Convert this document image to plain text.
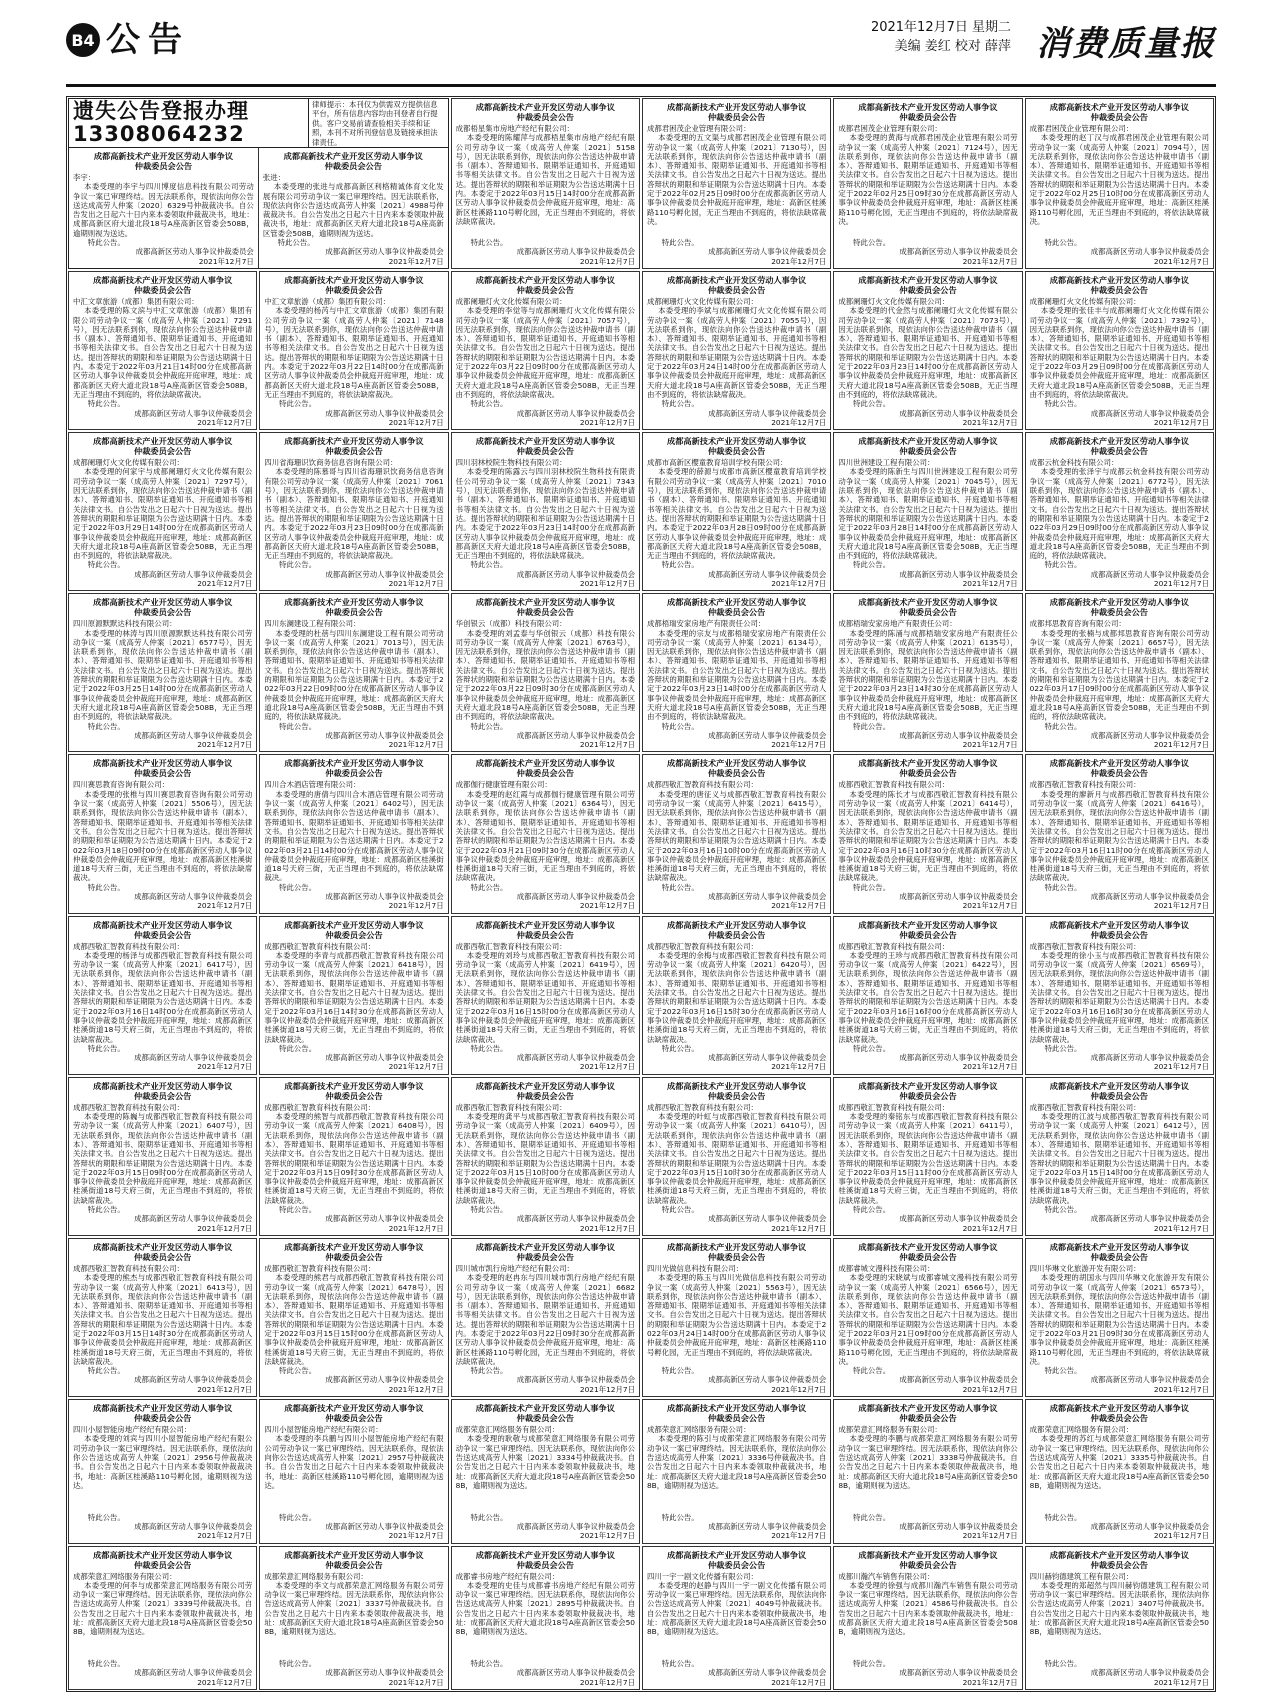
B4 公告	2021年12月7日 星期二
美编 姜红 校对 薛萍 消费质量报
遗失公告登报办理
13308064232
律师提示：本刊仅为供需双方提供信息平台，所有信息内容均由刊登者自行提供。客户交易前请查验相关手续和证照，本刊不对所刊登信息及链接承担法律责任。
成都高新技术产业开发区劳动人事争议
仲裁委员会公告
李宇：
本委受理的李宇与四川博度信息科技有限公司劳动争议一案已审理终结。因无法联系你，现依法向你公告送达成高劳人仲案〔2020〕6329号仲裁裁决书。自公告发出之日起六十日内来本委领取仲裁裁决书，地址：成都高新区府大道北段18号A座高新区管委会508B，逾期则视为送达。
特此公告。
成都高新区劳动人事争议仲裁委员会
2021年12月7日
成都高新技术产业开发区劳动人事争议
仲裁委员会公告
张进：
本委受理的张进与成都高新区利格精诚体育文化发展有限公司劳动争议一案已审理终结。因无法联系你，现依法向你公告送达成高劳人仲案〔2021〕4988号仲裁裁决书。自公告发出之日起六十日内来本委领取仲裁裁决书，地址：成都高新区天府大道北段18号A座高新区管委会508B，逾期则视为送达。
特此公告。
成都高新区劳动人事争议仲裁委员会
2021年12月7日
成都高新技术产业开发区劳动人事争议
仲裁委员会公告
成都梧星集市房地产经纪有限公司：
本委受理的陈耀萍与成都梧星集市房地产经纪有限公司劳动争议一案（成高劳人仲案〔2021〕5158号），因无法联系到你，现依法向你公告送达仲裁申请书（副本）、答辩通知书、限期举证通知书、开庭通知书等相关法律文书。自公告发出之日起六十日视为送达。提出答辩状的期限和举证期限为公告送达期满十日内。本委定于2022年03月15日14时00分在成都高新区劳动人事争议仲裁委员会仲裁庭开庭审理，地址：高新区桂溪路110号孵化园，无正当理由不到庭的，将依法缺席裁决。
特此公告。
成都高新区劳动人事争议仲裁委员会
2021年12月7日
成都高新技术产业开发区劳动人事争议
仲裁委员会公告
成都君困茂企业管理有限公司：
本委受理的五文渠与成都君困茂企业管理有限公司劳动争议一案（成高劳人仲案〔2021〕7130号），因无法联系到你，现依法向你公告送达仲裁申请书（副本）、答辩通知书、限期举证通知书、开庭通知书等相关法律文书。自公告发出之日起六十日视为送达。提出答辩状的期限和举证期限为公告送达期满十日内。本委定于2022年02月25日09时00分在成都高新区劳动人事争议仲裁委员会仲裁庭开庭审理，地址：高新区桂溪路110号孵化园，无正当理由不到庭的，将依法缺席裁决。
特此公告。
成都高新区劳动人事争议仲裁委员会
2021年12月7日
成都高新技术产业开发区劳动人事争议
仲裁委员会公告
成都君困茂企业管理有限公司：
本委受理的黄海与成都君困茂企业管理有限公司劳动争议一案（成高劳人仲案〔2021〕7124号），因无法联系到你，现依法向你公告送达仲裁申请书（副本）、答辩通知书、限期举证通知书、开庭通知书等相关法律文书。自公告发出之日起六十日视为送达。提出答辩状的期限和举证期限为公告送达期满十日内。本委定于2022年02月25日09时30分在成都高新区劳动人事争议仲裁委员会仲裁庭开庭审理，地址：高新区桂溪路110号孵化园，无正当理由不到庭的，将依法缺席裁决。
特此公告。
成都高新区劳动人事争议仲裁委员会
2021年12月7日
成都高新技术产业开发区劳动人事争议
仲裁委员会公告
成都君困茂企业管理有限公司：
本委受理的赵丁汉与成都君困茂企业管理有限公司劳动争议一案（成高劳人仲案〔2021〕7094号），因无法联系到你，现依法向你公告送达仲裁申请书（副本）、答辩通知书、限期举证通知书、开庭通知书等相关法律文书。自公告发出之日起六十日视为送达。提出答辩状的期限和举证期限为公告送达期满十日内。本委定于2022年02月25日10时00分在成都高新区劳动人事争议仲裁委员会仲裁庭开庭审理，地址：高新区桂溪路110号孵化园，无正当理由不到庭的，将依法缺席裁决。
特此公告。
成都高新区劳动人事争议仲裁委员会
2021年12月7日
成都高新技术产业开发区劳动人事争议
仲裁委员会公告
中汇文章旅游（成都）集团有限公司：
本委受理的陈文滨与中汇文章旅游（成都）集团有限公司劳动争议一案（成高劳人仲案〔2021〕7291号），因无法联系到你，现依法向你公告送达仲裁申请书（副本）、答辩通知书、限期举证通知书、开庭通知书等相关法律文书。自公告发出之日起六十日视为送达。提出答辩状的期限和举证期限为公告送达期满十日内。本委定于2022年03月21日14时00分在成都高新区劳动人事争议仲裁委员会仲裁庭开庭审理，地址：成都高新区天府大道北段18号A座高新区管委会508B，无正当理由不到庭的，将依法缺席裁决。
特此公告。
成都高新区劳动人事争议仲裁委员会
2021年12月7日
成都高新技术产业开发区劳动人事争议
仲裁委员会公告
中汇文章旅游（成都）集团有限公司：
本委受理的杨芮与中汇文章旅游（成都）集团有限公司劳动争议一案（成高劳人仲案〔2021〕7148号），因无法联系到你，现依法向你公告送达仲裁申请书（副本）、答辩通知书、限期举证通知书、开庭通知书等相关法律文书。自公告发出之日起六十日视为送达。提出答辩状的期限和举证期限为公告送达期满十日内。本委定于2022年03月22日14时00分在成都高新区劳动人事争议仲裁委员会仲裁庭开庭审理，地址：成都高新区天府大道北段18号A座高新区管委会508B，无正当理由不到庭的，将依法缺席裁决。
特此公告。
成都高新区劳动人事争议仲裁委员会
2021年12月7日
成都高新技术产业开发区劳动人事争议
仲裁委员会公告
成都阑珊灯火文化传媒有限公司：
本委受理的李觉等与成都阑珊灯火文化传媒有限公司劳动争议一案（成高劳人仲案〔2021〕7057号），因无法联系到你，现依法向你公告送达仲裁申请书（副本）、答辩通知书、限期举证通知书、开庭通知书等相关法律文书。自公告发出之日起六十日视为送达。提出答辩状的期限和举证期限为公告送达期满十日内。本委定于2022年03月22日09时00分在成都高新区劳动人事争议仲裁委员会仲裁庭开庭审理，地址：成都高新区天府大道北段18号A座高新区管委会508B，无正当理由不到庭的，将依法缺席裁决。
特此公告。
成都高新区劳动人事争议仲裁委员会
2021年12月7日
成都高新技术产业开发区劳动人事争议
仲裁委员会公告
成都阑珊灯火文化传媒有限公司：
本委受理的李斌与成都阑珊灯火文化传媒有限公司劳动争议一案（成高劳人仲案〔2021〕7055号），因无法联系到你，现依法向你公告送达仲裁申请书（副本）、答辩通知书、限期举证通知书、开庭通知书等相关法律文书。自公告发出之日起六十日视为送达。提出答辩状的期限和举证期限为公告送达期满十日内。本委定于2022年03月24日14时00分在成都高新区劳动人事争议仲裁委员会仲裁庭开庭审理，地址：成都高新区天府大道北段18号A座高新区管委会508B，无正当理由不到庭的，将依法缺席裁决。
特此公告。
成都高新区劳动人事争议仲裁委员会
2021年12月7日
成都高新技术产业开发区劳动人事争议
仲裁委员会公告
成都阑珊灯火文化传媒有限公司：
本委受理的代金然与成都阑珊灯火文化传媒有限公司劳动争议一案（成高劳人仲案〔2021〕7073号），因无法联系到你，现依法向你公告送达仲裁申请书（副本）、答辩通知书、限期举证通知书、开庭通知书等相关法律文书。自公告发出之日起六十日视为送达。提出答辩状的期限和举证期限为公告送达期满十日内。本委定于2022年03月23日14时00分在成都高新区劳动人事争议仲裁委员会仲裁庭开庭审理，地址：成都高新区天府大道北段18号A座高新区管委会508B，无正当理由不到庭的，将依法缺席裁决。
特此公告。
成都高新区劳动人事争议仲裁委员会
2021年12月7日
成都高新技术产业开发区劳动人事争议
仲裁委员会公告
成都阑珊灯火文化传媒有限公司：
本委受理的张佳丰与成都阑珊灯火文化传媒有限公司劳动争议一案（成高劳人仲案〔2021〕7392号），因无法联系到你，现依法向你公告送达仲裁申请书（副本）、答辩通知书、限期举证通知书、开庭通知书等相关法律文书。自公告发出之日起六十日视为送达。提出答辩状的期限和举证期限为公告送达期满十日内。本委定于2022年03月29日09时00分在成都高新区劳动人事争议仲裁委员会仲裁庭开庭审理，地址：成都高新区天府大道北段18号A座高新区管委会508B，无正当理由不到庭的，将依法缺席裁决。
特此公告。
成都高新区劳动人事争议仲裁委员会
2021年12月7日
成都高新技术产业开发区劳动人事争议
仲裁委员会公告
成都阑珊灯火文化传媒有限公司：
本委受理的何家宇与成都阑珊灯火文化传媒有限公司劳动争议一案（成高劳人仲案〔2021〕7297号），因无法联系到你，现依法向你公告送达仲裁申请书（副本）、答辩通知书、限期举证通知书、开庭通知书等相关法律文书。自公告发出之日起六十日视为送达。提出答辩状的期限和举证期限为公告送达期满十日内。本委定于2022年03月29日14时00分在成都高新区劳动人事争议仲裁委员会仲裁庭开庭审理，地址：成都高新区天府大道北段18号A座高新区管委会508B，无正当理由不到庭的，将依法缺席裁决。
特此公告。
成都高新区劳动人事争议仲裁委员会
2021年12月7日
成都高新技术产业开发区劳动人事争议
仲裁委员会公告
四川省海珊识饮商务信息咨询有限公司：
本委受理的陈慕哥与四川省海珊识饮商务信息咨询有限公司劳动争议一案（成高劳人仲案〔2021〕7061号），因无法联系到你，现依法向你公告送达仲裁申请书（副本）、答辩通知书、限期举证通知书、开庭通知书等相关法律文书。自公告发出之日起六十日视为送达。提出答辩状的期限和举证期限为公告送达期满十日内。本委定于2022年03月23日09时00分在成都高新区劳动人事争议仲裁委员会仲裁庭开庭审理，地址：成都高新区天府大道北段18号A座高新区管委会508B，无正当理由不到庭的，将依法缺席裁决。
特此公告。
成都高新区劳动人事争议仲裁委员会
2021年12月7日
成都高新技术产业开发区劳动人事争议
仲裁委员会公告
四川羽林校院生物科技有限公司：
本委受理的陈露云与四川羽林校院生物科技有限责任公司劳动争议一案（成高劳人仲案〔2021〕7343号），因无法联系到你，现依法向你公告送达仲裁申请书（副本）、答辩通知书、限期举证通知书、开庭通知书等相关法律文书。自公告发出之日起六十日视为送达。提出答辩状的期限和举证期限为公告送达期满十日内。本委定于2022年03月23日14时00分在成都高新区劳动人事争议仲裁委员会仲裁庭开庭审理，地址：成都高新区天府大道北段18号A座高新区管委会508B，无正当理由不到庭的，将依法缺席裁决。
特此公告。
成都高新区劳动人事争议仲裁委员会
2021年12月7日
成都高新技术产业开发区劳动人事争议
仲裁委员会公告
成都市高新区樱童教育培训学校有限公司：
本委受理的薛源与成都市高新区樱童教育培训学校有限公司劳动争议一案（成高劳人仲案〔2021〕7010号），因无法联系到你，现依法向你公告送达仲裁申请书（副本）、答辩通知书、限期举证通知书、开庭通知书等相关法律文书。自公告发出之日起六十日视为送达。提出答辩状的期限和举证期限为公告送达期满十日内。本委定于2022年03月28日09时00分在成都高新区劳动人事争议仲裁委员会仲裁庭开庭审理，地址：成都高新区天府大道北段18号A座高新区管委会508B，无正当理由不到庭的，将依法缺席裁决。
特此公告。
成都高新区劳动人事争议仲裁委员会
2021年12月7日
成都高新技术产业开发区劳动人事争议
仲裁委员会公告
四川世洲建设工程有限公司：
本委受理的陈新生与四川世洲建设工程有限公司劳动争议一案（成高劳人仲案〔2021〕7045号），因无法联系到你，现依法向你公告送达仲裁申请书（副本）、答辩通知书、限期举证通知书、开庭通知书等相关法律文书。自公告发出之日起六十日视为送达。提出答辩状的期限和举证期限为公告送达期满十日内。本委定于2022年03月28日14时00分在成都高新区劳动人事争议仲裁委员会仲裁庭开庭审理，地址：成都高新区天府大道北段18号A座高新区管委会508B，无正当理由不到庭的，将依法缺席裁决。
特此公告。
成都高新区劳动人事争议仲裁委员会
2021年12月7日
成都高新技术产业开发区劳动人事争议
仲裁委员会公告
成都云杭金科技有限公司：
本委受理的张泽宇与成都云杭金科技有限公司劳动争议一案（成高劳人仲案〔2021〕6772号），因无法联系到你，现依法向你公告送达仲裁申请书（副本）、答辩通知书、限期举证通知书、开庭通知书等相关法律文书。自公告发出之日起六十日视为送达。提出答辩状的期限和举证期限为公告送达期满十日内。本委定于2022年03月29日09时00分在成都高新区劳动人事争议仲裁委员会仲裁庭开庭审理，地址：成都高新区天府大道北段18号A座高新区管委会508B，无正当理由不到庭的，将依法缺席裁决。
特此公告。
成都高新区劳动人事争议仲裁委员会
2021年12月7日
成都高新技术产业开发区劳动人事争议
仲裁委员会公告
四川原源默默达科技有限公司：
本委受理的林涛与四川原源默默达科技有限公司劳动争议一案（成高劳人仲案〔2021〕6577号），因无法联系到你，现依法向你公告送达仲裁申请书（副本）、答辩通知书、限期举证通知书、开庭通知书等相关法律文书。自公告发出之日起六十日视为送达。提出答辩状的期限和举证期限为公告送达期满十日内。本委定于2022年03月25日14时00分在成都高新区劳动人事争议仲裁委员会仲裁庭开庭审理，地址：成都高新区天府大道北段18号A座高新区管委会508B，无正当理由不到庭的，将依法缺席裁决。
特此公告。
成都高新区劳动人事争议仲裁委员会
2021年12月7日
成都高新技术产业开发区劳动人事争议
仲裁委员会公告
四川东澜建设工程有限公司：
本委受理的杜蓓与四川东澜建设工程有限公司劳动争议一案（成高劳人仲案〔2021〕7013号），因无法联系到你，现依法向你公告送达仲裁申请书（副本）、答辩通知书、限期举证通知书、开庭通知书等相关法律文书。自公告发出之日起六十日视为送达。提出答辩状的期限和举证期限为公告送达期满十日内。本委定于2022年03月22日09时00分在成都高新区劳动人事争议仲裁委员会仲裁庭开庭审理，地址：成都高新区天府大道北段18号A座高新区管委会508B，无正当理由不到庭的，将依法缺席裁决。
特此公告。
成都高新区劳动人事争议仲裁委员会
2021年12月7日
成都高新技术产业开发区劳动人事争议
仲裁委员会公告
华创银云（成都）科技有限公司：
本委受理的刘孟泰与华创银云（成都）科技有限公司劳动争议一案（成高劳人仲案〔2021〕6763号），因无法联系到你，现依法向你公告送达仲裁申请书（副本）、答辩通知书、限期举证通知书、开庭通知书等相关法律文书。自公告发出之日起六十日视为送达。提出答辩状的期限和举证期限为公告送达期满十日内。本委定于2022年03月22日09时30分在成都高新区劳动人事争议仲裁委员会仲裁庭开庭审理，地址：成都高新区天府大道北段18号A座高新区管委会508B，无正当理由不到庭的，将依法缺席裁决。
特此公告。
成都高新区劳动人事争议仲裁委员会
2021年12月7日
成都高新技术产业开发区劳动人事争议
仲裁委员会公告
成都梧瑞安家房地产有限责任公司：
本委受理的宗友与成都梧瑞安家房地产有限责任公司劳动争议一案（成高劳人仲案〔2021〕6134号），因无法联系到你，现依法向你公告送达仲裁申请书（副本）、答辩通知书、限期举证通知书、开庭通知书等相关法律文书。自公告发出之日起六十日视为送达。提出答辩状的期限和举证期限为公告送达期满十日内。本委定于2022年03月23日14时00分在成都高新区劳动人事争议仲裁委员会仲裁庭开庭审理，地址：成都高新区天府大道北段18号A座高新区管委会508B，无正当理由不到庭的，将依法缺席裁决。
特此公告。
成都高新区劳动人事争议仲裁委员会
2021年12月7日
成都高新技术产业开发区劳动人事争议
仲裁委员会公告
成都梧瑞安家房地产有限责任公司：
本委受理的陈涌与成都梧瑞安家房地产有限责任公司劳动争议一案（成高劳人仲案〔2021〕6135号），因无法联系到你，现依法向你公告送达仲裁申请书（副本）、答辩通知书、限期举证通知书、开庭通知书等相关法律文书。自公告发出之日起六十日视为送达。提出答辩状的期限和举证期限为公告送达期满十日内。本委定于2022年03月23日14时30分在成都高新区劳动人事争议仲裁委员会仲裁庭开庭审理，地址：成都高新区天府大道北段18号A座高新区管委会508B，无正当理由不到庭的，将依法缺席裁决。
特此公告。
成都高新区劳动人事争议仲裁委员会
2021年12月7日
成都高新技术产业开发区劳动人事争议
仲裁委员会公告
成都邦思教育咨询有限公司：
本委受理的张楠与成都邦思教育咨询有限公司劳动争议一案（成高劳人仲案〔2021〕6657号），因无法联系到你，现依法向你公告送达仲裁申请书（副本）、答辩通知书、限期举证通知书、开庭通知书等相关法律文书。自公告发出之日起六十日视为送达。提出答辩状的期限和举证期限为公告送达期满十日内。本委定于2022年03月17日09时00分在成都高新区劳动人事争议仲裁委员会仲裁庭开庭审理，地址：成都高新区天府大道北段18号A座高新区管委会508B，无正当理由不到庭的，将依法缺席裁决。
特此公告。
成都高新区劳动人事争议仲裁委员会
2021年12月7日
成都高新技术产业开发区劳动人事争议
仲裁委员会公告
四川赛思教育咨询有限公司：
本委受理的张椎与四川赛思教育咨询有限公司劳动争议一案（成高劳人仲案〔2021〕5506号），因无法联系到你，现依法向你公告送达仲裁申请书（副本）、答辩通知书、限期举证通知书、开庭通知书等相关法律文书。自公告发出之日起六十日视为送达。提出答辩状的期限和举证期限为公告送达期满十日内。本委定于2022年03月18日09时00分在成都高新区劳动人事争议仲裁委员会仲裁庭开庭审理，地址：成都高新区桂溪街道18号天府三街，无正当理由不到庭的，将依法缺席裁决。
特此公告。
成都高新区劳动人事争议仲裁委员会
2021年12月7日
成都高新技术产业开发区劳动人事争议
仲裁委员会公告
四川合木酒店管理有限公司：
本委受理的唐倩与四川合木酒店管理有限公司劳动争议一案（成高劳人仲案〔2021〕6402号），因无法联系到你，现依法向你公告送达仲裁申请书（副本）、答辩通知书、限期举证通知书、开庭通知书等相关法律文书。自公告发出之日起六十日视为送达。提出答辩状的期限和举证期限为公告送达期满十日内。本委定于2022年03月21日14时00分在成都高新区劳动人事争议仲裁委员会仲裁庭开庭审理，地址：成都高新区桂溪街道18号天府三街，无正当理由不到庭的，将依法缺席裁决。
特此公告。
成都高新区劳动人事争议仲裁委员会
2021年12月7日
成都高新技术产业开发区劳动人事争议
仲裁委员会公告
成都伽行健康管理有限公司：
本委受理的赵红霞与成都伽行健康管理有限公司劳动争议一案（成高劳人仲案〔2021〕6364号），因无法联系到你，现依法向你公告送达仲裁申请书（副本）、答辩通知书、限期举证通知书、开庭通知书等相关法律文书。自公告发出之日起六十日视为送达。提出答辩状的期限和举证期限为公告送达期满十日内。本委定于2022年03月21日09时30分在成都高新区劳动人事争议仲裁委员会仲裁庭开庭审理，地址：成都高新区桂溪街道18号天府三街，无正当理由不到庭的，将依法缺席裁决。
特此公告。
成都高新区劳动人事争议仲裁委员会
2021年12月7日
成都高新技术产业开发区劳动人事争议
仲裁委员会公告
成都西敬汇智教育科技有限公司：
本委受理的唐征义与成都西敬汇智教育科技有限公司劳动争议一案（成高劳人仲案〔2021〕6415号），因无法联系到你，现依法向你公告送达仲裁申请书（副本）、答辩通知书、限期举证通知书、开庭通知书等相关法律文书。自公告发出之日起六十日视为送达。提出答辩状的期限和举证期限为公告送达期满十日内。本委定于2022年03月16日10时00分在成都高新区劳动人事争议仲裁委员会仲裁庭开庭审理，地址：成都高新区桂溪街道18号天府三街，无正当理由不到庭的，将依法缺席裁决。
特此公告。
成都高新区劳动人事争议仲裁委员会
2021年12月7日
成都高新技术产业开发区劳动人事争议
仲裁委员会公告
成都西敬汇智教育科技有限公司：
本委受理的陈长才与成都西敬汇智教育科技有限公司劳动争议一案（成高劳人仲案〔2021〕6414号），因无法联系到你，现依法向你公告送达仲裁申请书（副本）、答辩通知书、限期举证通知书、开庭通知书等相关法律文书。自公告发出之日起六十日视为送达。提出答辩状的期限和举证期限为公告送达期满十日内。本委定于2022年03月16日10时30分在成都高新区劳动人事争议仲裁委员会仲裁庭开庭审理，地址：成都高新区桂溪街道18号天府三街，无正当理由不到庭的，将依法缺席裁决。
特此公告。
成都高新区劳动人事争议仲裁委员会
2021年12月7日
成都高新技术产业开发区劳动人事争议
仲裁委员会公告
成都西敬汇智教育科技有限公司：
本委受理的廖新月与成都西敬汇智教育科技有限公司劳动争议一案（成高劳人仲案〔2021〕6416号），因无法联系到你，现依法向你公告送达仲裁申请书（副本）、答辩通知书、限期举证通知书、开庭通知书等相关法律文书。自公告发出之日起六十日视为送达。提出答辩状的期限和举证期限为公告送达期满十日内。本委定于2022年03月16日11时00分在成都高新区劳动人事争议仲裁委员会仲裁庭开庭审理，地址：成都高新区桂溪街道18号天府三街，无正当理由不到庭的，将依法缺席裁决。
特此公告。
成都高新区劳动人事争议仲裁委员会
2021年12月7日
成都高新技术产业开发区劳动人事争议
仲裁委员会公告
成都西敬汇智教育科技有限公司：
本委受理的杨泽与成都西敬汇智教育科技有限公司劳动争议一案（成高劳人仲案〔2021〕6417号），因无法联系到你，现依法向你公告送达仲裁申请书（副本）、答辩通知书、限期举证通知书、开庭通知书等相关法律文书。自公告发出之日起六十日视为送达。提出答辩状的期限和举证期限为公告送达期满十日内。本委定于2022年03月16日14时00分在成都高新区劳动人事争议仲裁委员会仲裁庭开庭审理，地址：成都高新区桂溪街道18号天府三街，无正当理由不到庭的，将依法缺席裁决。
特此公告。
成都高新区劳动人事争议仲裁委员会
2021年12月7日
成都高新技术产业开发区劳动人事争议
仲裁委员会公告
成都西敬汇智教育科技有限公司：
本委受理的李青与成都西敬汇智教育科技有限公司劳动争议一案（成高劳人仲案〔2021〕6418号），因无法联系到你，现依法向你公告送达仲裁申请书（副本）、答辩通知书、限期举证通知书、开庭通知书等相关法律文书。自公告发出之日起六十日视为送达。提出答辩状的期限和举证期限为公告送达期满十日内。本委定于2022年03月16日14时30分在成都高新区劳动人事争议仲裁委员会仲裁庭开庭审理，地址：成都高新区桂溪街道18号天府三街，无正当理由不到庭的，将依法缺席裁决。
特此公告。
成都高新区劳动人事争议仲裁委员会
2021年12月7日
成都高新技术产业开发区劳动人事争议
仲裁委员会公告
成都西敬汇智教育科技有限公司：
本委受理的刘玲与成都西敬汇智教育科技有限公司劳动争议一案（成高劳人仲案〔2021〕6419号），因无法联系到你，现依法向你公告送达仲裁申请书（副本）、答辩通知书、限期举证通知书、开庭通知书等相关法律文书。自公告发出之日起六十日视为送达。提出答辩状的期限和举证期限为公告送达期满十日内。本委定于2022年03月16日15时00分在成都高新区劳动人事争议仲裁委员会仲裁庭开庭审理，地址：成都高新区桂溪街道18号天府三街，无正当理由不到庭的，将依法缺席裁决。
特此公告。
成都高新区劳动人事争议仲裁委员会
2021年12月7日
成都高新技术产业开发区劳动人事争议
仲裁委员会公告
成都西敬汇智教育科技有限公司：
本委受理的余梅与成都西敬汇智教育科技有限公司劳动争议一案（成高劳人仲案〔2021〕6420号），因无法联系到你，现依法向你公告送达仲裁申请书（副本）、答辩通知书、限期举证通知书、开庭通知书等相关法律文书。自公告发出之日起六十日视为送达。提出答辩状的期限和举证期限为公告送达期满十日内。本委定于2022年03月16日15时30分在成都高新区劳动人事争议仲裁委员会仲裁庭开庭审理，地址：成都高新区桂溪街道18号天府三街，无正当理由不到庭的，将依法缺席裁决。
特此公告。
成都高新区劳动人事争议仲裁委员会
2021年12月7日
成都高新技术产业开发区劳动人事争议
仲裁委员会公告
成都西敬汇智教育科技有限公司：
本委受理的王珍与成都西敬汇智教育科技有限公司劳动争议一案（成高劳人仲案〔2021〕6422号），因无法联系到你，现依法向你公告送达仲裁申请书（副本）、答辩通知书、限期举证通知书、开庭通知书等相关法律文书。自公告发出之日起六十日视为送达。提出答辩状的期限和举证期限为公告送达期满十日内。本委定于2022年03月16日16时00分在成都高新区劳动人事争议仲裁委员会仲裁庭开庭审理，地址：成都高新区桂溪街道18号天府三街，无正当理由不到庭的，将依法缺席裁决。
特此公告。
成都高新区劳动人事争议仲裁委员会
2021年12月7日
成都高新技术产业开发区劳动人事争议
仲裁委员会公告
成都西敬汇智教育科技有限公司：
本委受理的徐小玉与成都西敬汇智教育科技有限公司劳动争议一案（成高劳人仲案〔2021〕6569号），因无法联系到你，现依法向你公告送达仲裁申请书（副本）、答辩通知书、限期举证通知书、开庭通知书等相关法律文书。自公告发出之日起六十日视为送达。提出答辩状的期限和举证期限为公告送达期满十日内。本委定于2022年03月16日16时30分在成都高新区劳动人事争议仲裁委员会仲裁庭开庭审理，地址：成都高新区桂溪街道18号天府三街，无正当理由不到庭的，将依法缺席裁决。
特此公告。
成都高新区劳动人事争议仲裁委员会
2021年12月7日
成都高新技术产业开发区劳动人事争议
仲裁委员会公告
成都西敬汇智教育科技有限公司：
本委受理的陈巍与成都西敬汇智教育科技有限公司劳动争议一案（成高劳人仲案〔2021〕6407号），因无法联系到你，现依法向你公告送达仲裁申请书（副本）、答辩通知书、限期举证通知书、开庭通知书等相关法律文书。自公告发出之日起六十日视为送达。提出答辩状的期限和举证期限为公告送达期满十日内。本委定于2022年03月15日09时00分在成都高新区劳动人事争议仲裁委员会仲裁庭开庭审理，地址：成都高新区桂溪街道18号天府三街，无正当理由不到庭的，将依法缺席裁决。
特此公告。
成都高新区劳动人事争议仲裁委员会
2021年12月7日
成都高新技术产业开发区劳动人事争议
仲裁委员会公告
成都西敬汇智教育科技有限公司：
本委受理的熊智与成都西敬汇智教育科技有限公司劳动争议一案（成高劳人仲案〔2021〕6408号），因无法联系到你，现依法向你公告送达仲裁申请书（副本）、答辩通知书、限期举证通知书、开庭通知书等相关法律文书。自公告发出之日起六十日视为送达。提出答辩状的期限和举证期限为公告送达期满十日内。本委定于2022年03月15日09时30分在成都高新区劳动人事争议仲裁委员会仲裁庭开庭审理，地址：成都高新区桂溪街道18号天府三街，无正当理由不到庭的，将依法缺席裁决。
特此公告。
成都高新区劳动人事争议仲裁委员会
2021年12月7日
成都高新技术产业开发区劳动人事争议
仲裁委员会公告
成都西敬汇智教育科技有限公司：
本委受理的龚平与成都西敬汇智教育科技有限公司劳动争议一案（成高劳人仲案〔2021〕6409号），因无法联系到你，现依法向你公告送达仲裁申请书（副本）、答辩通知书、限期举证通知书、开庭通知书等相关法律文书。自公告发出之日起六十日视为送达。提出答辩状的期限和举证期限为公告送达期满十日内。本委定于2022年03月15日10时00分在成都高新区劳动人事争议仲裁委员会仲裁庭开庭审理，地址：成都高新区桂溪街道18号天府三街，无正当理由不到庭的，将依法缺席裁决。
特此公告。
成都高新区劳动人事争议仲裁委员会
2021年12月7日
成都高新技术产业开发区劳动人事争议
仲裁委员会公告
成都西敬汇智教育科技有限公司：
本委受理的叶虹与成都西敬汇智教育科技有限公司劳动争议一案（成高劳人仲案〔2021〕6410号），因无法联系到你，现依法向你公告送达仲裁申请书（副本）、答辩通知书、限期举证通知书、开庭通知书等相关法律文书。自公告发出之日起六十日视为送达。提出答辩状的期限和举证期限为公告送达期满十日内。本委定于2022年03月15日10时30分在成都高新区劳动人事争议仲裁委员会仲裁庭开庭审理，地址：成都高新区桂溪街道18号天府三街，无正当理由不到庭的，将依法缺席裁决。
特此公告。
成都高新区劳动人事争议仲裁委员会
2021年12月7日
成都高新技术产业开发区劳动人事争议
仲裁委员会公告
成都西敬汇智教育科技有限公司：
本委受理的秦铭东与成都西敬汇智教育科技有限公司劳动争议一案（成高劳人仲案〔2021〕6411号），因无法联系到你，现依法向你公告送达仲裁申请书（副本）、答辩通知书、限期举证通知书、开庭通知书等相关法律文书。自公告发出之日起六十日视为送达。提出答辩状的期限和举证期限为公告送达期满十日内。本委定于2022年03月15日11时00分在成都高新区劳动人事争议仲裁委员会仲裁庭开庭审理，地址：成都高新区桂溪街道18号天府三街，无正当理由不到庭的，将依法缺席裁决。
特此公告。
成都高新区劳动人事争议仲裁委员会
2021年12月7日
成都高新技术产业开发区劳动人事争议
仲裁委员会公告
成都西敬汇智教育科技有限公司：
本委受理的江波与成都西敬汇智教育科技有限公司劳动争议一案（成高劳人仲案〔2021〕6412号），因无法联系到你，现依法向你公告送达仲裁申请书（副本）、答辩通知书、限期举证通知书、开庭通知书等相关法律文书。自公告发出之日起六十日视为送达。提出答辩状的期限和举证期限为公告送达期满十日内。本委定于2022年03月15日14时00分在成都高新区劳动人事争议仲裁委员会仲裁庭开庭审理，地址：成都高新区桂溪街道18号天府三街，无正当理由不到庭的，将依法缺席裁决。
特此公告。
成都高新区劳动人事争议仲裁委员会
2021年12月7日
成都高新技术产业开发区劳动人事争议
仲裁委员会公告
成都西敬汇智教育科技有限公司：
本委受理的熊杰与成都西敬汇智教育科技有限公司劳动争议一案（成高劳人仲案〔2021〕6413号），因无法联系到你，现依法向你公告送达仲裁申请书（副本）、答辩通知书、限期举证通知书、开庭通知书等相关法律文书。自公告发出之日起六十日视为送达。提出答辩状的期限和举证期限为公告送达期满十日内。本委定于2022年03月15日14时30分在成都高新区劳动人事争议仲裁委员会仲裁庭开庭审理，地址：成都高新区桂溪街道18号天府三街，无正当理由不到庭的，将依法缺席裁决。
特此公告。
成都高新区劳动人事争议仲裁委员会
2021年12月7日
成都高新技术产业开发区劳动人事争议
仲裁委员会公告
成都西敬汇智教育科技有限公司：
本委受理的熊君与成都西敬汇智教育科技有限公司劳动争议一案（成高劳人仲案〔2021〕6478号），因无法联系到你，现依法向你公告送达仲裁申请书（副本）、答辩通知书、限期举证通知书、开庭通知书等相关法律文书。自公告发出之日起六十日视为送达。提出答辩状的期限和举证期限为公告送达期满十日内。本委定于2022年03月15日15时00分在成都高新区劳动人事争议仲裁委员会仲裁庭开庭审理，地址：成都高新区桂溪街道18号天府三街，无正当理由不到庭的，将依法缺席裁决。
特此公告。
成都高新区劳动人事争议仲裁委员会
2021年12月7日
成都高新技术产业开发区劳动人事争议
仲裁委员会公告
四川城市凯行房地产经纪有限公司：
本委受理的赵冉东与四川城市凯行房地产经纪有限公司劳动争议一案（成高劳人仲案〔2021〕6682号），因无法联系到你，现依法向你公告送达仲裁申请书（副本）、答辩通知书、限期举证通知书、开庭通知书等相关法律文书。自公告发出之日起六十日视为送达。提出答辩状的期限和举证期限为公告送达期满十日内。本委定于2022年03月22日09时30分在成都高新区劳动人事争议仲裁委员会仲裁庭开庭审理，地址：高新区桂溪路110号孵化园，无正当理由不到庭的，将依法缺席裁决。
特此公告。
成都高新区劳动人事争议仲裁委员会
2021年12月7日
成都高新技术产业开发区劳动人事争议
仲裁委员会公告
四川光做信息科技有限公司：
本委受理的陈玉与四川光做信息科技有限公司劳动争议一案（成高劳人仲案〔2021〕5563号），因无法联系到你，现依法向你公告送达仲裁申请书（副本）、答辩通知书、限期举证通知书、开庭通知书等相关法律文书。自公告发出之日起六十日视为送达。提出答辩状的期限和举证期限为公告送达期满十日内。本委定于2022年03月24日14时00分在成都高新区劳动人事争议仲裁委员会仲裁庭开庭审理，地址：高新区桂溪路110号孵化园，无正当理由不到庭的，将依法缺席裁决。
特此公告。
成都高新区劳动人事争议仲裁委员会
2021年12月7日
成都高新技术产业开发区劳动人事争议
仲裁委员会公告
成都睿城文漫科技有限公司：
本委受理的宋晓斌与成都睿城文漫科技有限公司劳动争议一案（成高劳人仲案〔2021〕6566号），因无法联系到你，现依法向你公告送达仲裁申请书（副本）、答辩通知书、限期举证通知书、开庭通知书等相关法律文书。自公告发出之日起六十日视为送达。提出答辩状的期限和举证期限为公告送达期满十日内。本委定于2022年03月21日09时00分在成都高新区劳动人事争议仲裁委员会仲裁庭开庭审理，地址：高新区桂溪路110号孵化园，无正当理由不到庭的，将依法缺席裁决。
特此公告。
成都高新区劳动人事争议仲裁委员会
2021年12月7日
成都高新技术产业开发区劳动人事争议
仲裁委员会公告
四川华琳文化旅游开发有限公司：
本委受理的胡国永与四川华琳文化旅游开发有限公司劳动争议一案（成高劳人仲案〔2021〕6573号），因无法联系到你，现依法向你公告送达仲裁申请书（副本）、答辩通知书、限期举证通知书、开庭通知书等相关法律文书。自公告发出之日起六十日视为送达。提出答辩状的期限和举证期限为公告送达期满十日内。本委定于2022年03月21日09时30分在成都高新区劳动人事争议仲裁委员会仲裁庭开庭审理，地址：高新区桂溪路110号孵化园，无正当理由不到庭的，将依法缺席裁决。
特此公告。
成都高新区劳动人事争议仲裁委员会
2021年12月7日
成都高新技术产业开发区劳动人事争议
仲裁委员会公告
四川小屋智能房地产经纪有限公司：
本委受理的刘宾与四川小屋智能房地产经纪有限公司劳动争议一案已审理终结。因无法联系你，现依法向你公告送达成高劳人仲案〔2021〕2956号仲裁裁决书。自公告发出之日起六十日内来本委领取仲裁裁决书，地址：高新区桂溪路110号孵化园，逾期则视为送达。
特此公告。
成都高新区劳动人事争议仲裁委员会
2021年12月7日
成都高新技术产业开发区劳动人事争议
仲裁委员会公告
四川小屋智能房地产经纪有限公司：
本委受理的李兵鹏与四川小屋智能房地产经纪有限公司劳动争议一案已审理终结。因无法联系你，现依法向你公告送达成高劳人仲案〔2021〕2957号仲裁裁决书。自公告发出之日起六十日内来本委领取仲裁裁决书，地址：高新区桂溪路110号孵化园，逾期则视为送达。
特此公告。
成都高新区劳动人事争议仲裁委员会
2021年12月7日
成都高新技术产业开发区劳动人事争议
仲裁委员会公告
成都荣意汇网络服务有限公司：
本委受理的耿敬与成都荣意汇网络服务有限公司劳动争议一案已审理终结。因无法联系你，现依法向你公告送达成高劳人仲案〔2021〕3334号仲裁裁决书。自公告发出之日起六十日内来本委领取仲裁裁决书，地址：成都高新区天府大道北段18号A座高新区管委会508B，逾期则视为送达。
特此公告。
成都高新区劳动人事争议仲裁委员会
2021年12月7日
成都高新技术产业开发区劳动人事争议
仲裁委员会公告
成都荣意汇网络服务有限公司：
本委受理的陈引与成都荣意汇网络服务有限公司劳动争议一案已审理终结。因无法联系你，现依法向你公告送达成高劳人仲案〔2021〕3336号仲裁裁决书。自公告发出之日起六十日内来本委领取仲裁裁决书，地址：成都高新区天府大道北段18号A座高新区管委会508B，逾期则视为送达。
特此公告。
成都高新区劳动人事争议仲裁委员会
2021年12月7日
成都高新技术产业开发区劳动人事争议
仲裁委员会公告
成都荣意汇网络服务有限公司：
本委受理的李鹏与成都荣意汇网络服务有限公司劳动争议一案已审理终结。因无法联系你，现依法向你公告送达成高劳人仲案〔2021〕3338号仲裁裁决书。自公告发出之日起六十日内来本委领取仲裁裁决书，地址：成都高新区天府大道北段18号A座高新区管委会508B，逾期则视为送达。
特此公告。
成都高新区劳动人事争议仲裁委员会
2021年12月7日
成都高新技术产业开发区劳动人事争议
仲裁委员会公告
成都荣意汇网络服务有限公司：
本委受理的苏红与成都荣意汇网络服务有限公司劳动争议一案已审理终结。因无法联系你，现依法向你公告送达成高劳人仲案〔2021〕3335号仲裁裁决书。自公告发出之日起六十日内来本委领取仲裁裁决书，地址：成都高新区天府大道北段18号A座高新区管委会508B，逾期则视为送达。
特此公告。
成都高新区劳动人事争议仲裁委员会
2021年12月7日
成都高新技术产业开发区劳动人事争议
仲裁委员会公告
成都荣意汇网络服务有限公司：
本委受理的何李与成都荣意汇网络服务有限公司劳动争议一案已审理终结。因无法联系你，现依法向你公告送达成高劳人仲案〔2021〕3339号仲裁裁决书。自公告发出之日起六十日内来本委领取仲裁裁决书，地址：成都高新区天府大道北段18号A座高新区管委会508B，逾期则视为送达。
特此公告。
成都高新区劳动人事争议仲裁委员会
2021年12月7日
成都高新技术产业开发区劳动人事争议
仲裁委员会公告
成都荣意汇网络服务有限公司：
本委受理的李文与成都荣意汇网络服务有限公司劳动争议一案已审理终结。因无法联系你，现依法向你公告送达成高劳人仲案〔2021〕3337号仲裁裁决书。自公告发出之日起六十日内来本委领取仲裁裁决书，地址：成都高新区天府大道北段18号A座高新区管委会508B，逾期则视为送达。
特此公告。
成都高新区劳动人事争议仲裁委员会
2021年12月7日
成都高新技术产业开发区劳动人事争议
仲裁委员会公告
成都睿书房地产经纪有限公司：
本委受理的史佳与成都睿书房地产经纪有限公司劳动争议一案已审理终结。因无法联系你，现依法向你公告送达成高劳人仲案〔2021〕2895号仲裁裁决书。自公告发出之日起六十日内来本委领取仲裁裁决书，地址：成都高新区天府大道北段18号A座高新区管委会508B，逾期则视为送达。
特此公告。
成都高新区劳动人事争议仲裁委员会
2021年12月7日
成都高新技术产业开发区劳动人事争议
仲裁委员会公告
四川一宇一剧文化传播有限公司：
本委受理的赵静与四川一宇一剧文化传播有限公司劳动争议一案已审理终结。因无法联系你，现依法向你公告送达成高劳人仲案〔2021〕4049号仲裁裁决书。自公告发出之日起六十日内来本委领取仲裁裁决书，地址：成都高新区天府大道北段18号A座高新区管委会508B，逾期则视为送达。
特此公告。
成都高新区劳动人事争议仲裁委员会
2021年12月7日
成都高新技术产业开发区劳动人事争议
仲裁委员会公告
成都川瀚汽车销售有限公司：
本委受理的徐强与成都川瀚汽车销售有限公司劳动争议一案已审理终结。因无法联系你，现依法向你公告送达成高劳人仲案〔2021〕4586号仲裁裁决书。自公告发出之日起六十日内来本委领取仲裁裁决书，地址：成都高新区天府大道北段18号A座高新区管委会508B，逾期则视为送达。
特此公告。
成都高新区劳动人事争议仲裁委员会
2021年12月7日
成都高新技术产业开发区劳动人事争议
仲裁委员会公告
四川赫钧德建筑工程有限公司：
本委受理的郑超然与四川赫钧德建筑工程有限公司劳动争议一案已审理终结。因无法联系你，现依法向你公告送达成高劳人仲案〔2021〕3407号仲裁裁决书。自公告发出之日起六十日内来本委领取仲裁裁决书，地址：成都高新区天府大道北段18号A座高新区管委会508B，逾期则视为送达。
特此公告。
成都高新区劳动人事争议仲裁委员会
2021年12月7日
